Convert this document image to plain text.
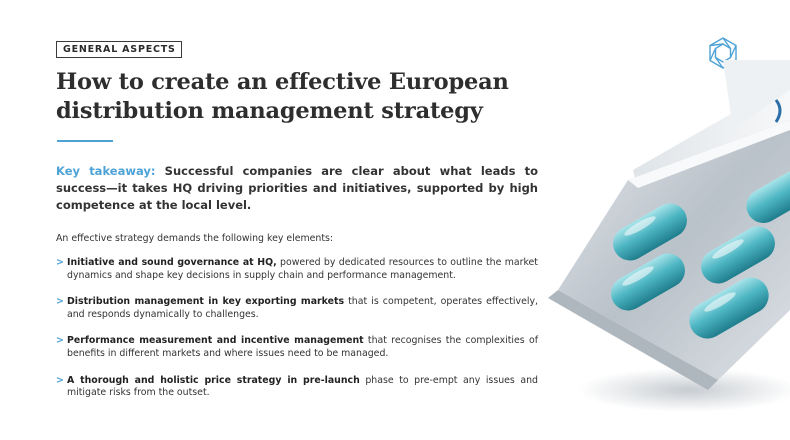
GENERAL ASPECTS
How to create an effective European distribution management strategy

Key takeaway: Successful companies are clear about what leads to success—it takes HQ driving priorities and initiatives, supported by high competence at the local level.

An effective strategy demands the following key elements:

> Initiative and sound governance at HQ, powered by dedicated resources to outline the market dynamics and shape key decisions in supply chain and performance management.
> Distribution management in key exporting markets that is competent, operates effectively, and responds dynamically to challenges.
> Performance measurement and incentive management that recognises the complexities of benefits in different markets and where issues need to be managed.
> A thorough and holistic price strategy in pre-launch phase to pre-empt any issues and mitigate risks from the outset.
